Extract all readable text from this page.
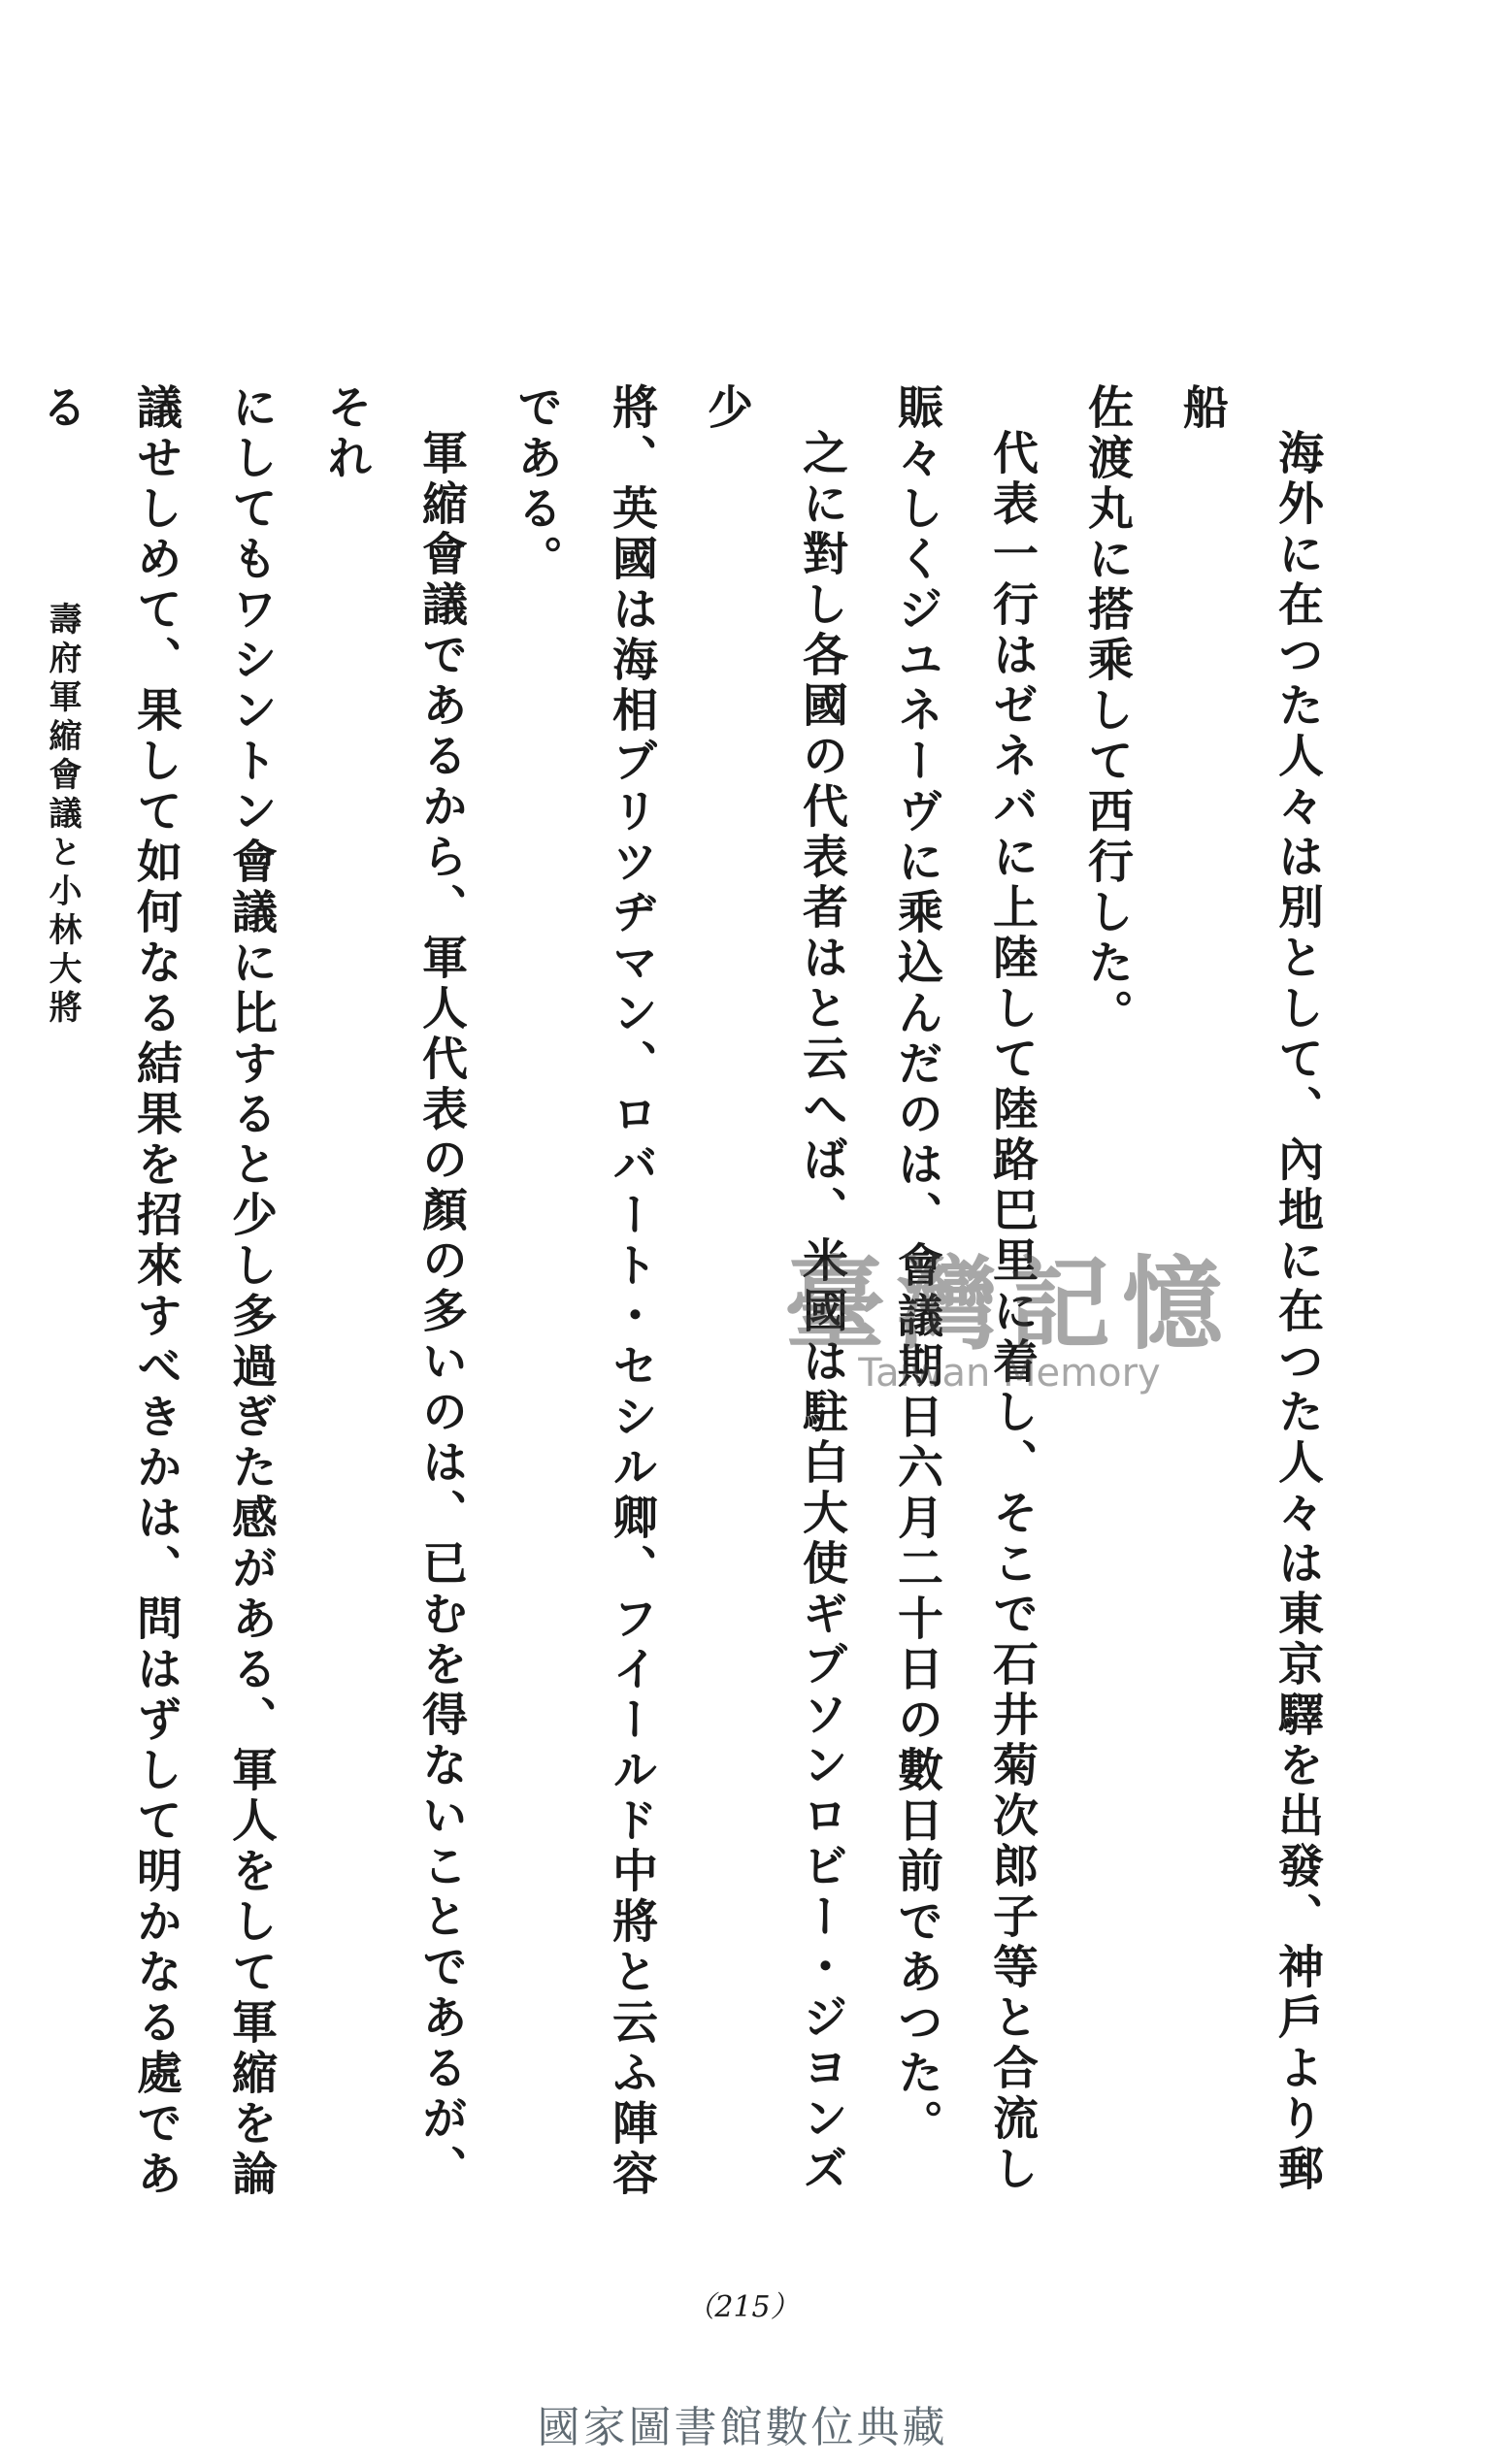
海外に在つた人々は別として、內地に在つた人々は東京驛を出發、神戶より郵船

佐渡丸に搭乘して西行した。

代表一行はゼネバに上陸して陸路巴里に着し、そこで石井菊次郎子等と合流し

賑々しくジユネーヴに乘込んだのは、會議期日六月二十日の數日前であつた。

之に對し各國の代表者はと云へば、米國は駐白大使ギブソンロビー・ジヨンズ少

將、英國は海相ブリツヂマン、ロバート・セシル卿、フイールド中將と云ふ陣容である。

軍縮會議であるから、軍人代表の顏の多いのは、已むを得ないことであるが、それ

にしてもワシントン會議に比すると少し多過ぎた感がある、軍人をして軍縮を論

議せしめて、果して如何なる結果を招來すべきかは、問はずして明かなる處である

壽府軍縮會議と小林大將
臺灣記憶
Taiwan Memory
（215）
國家圖書館數位典藏
